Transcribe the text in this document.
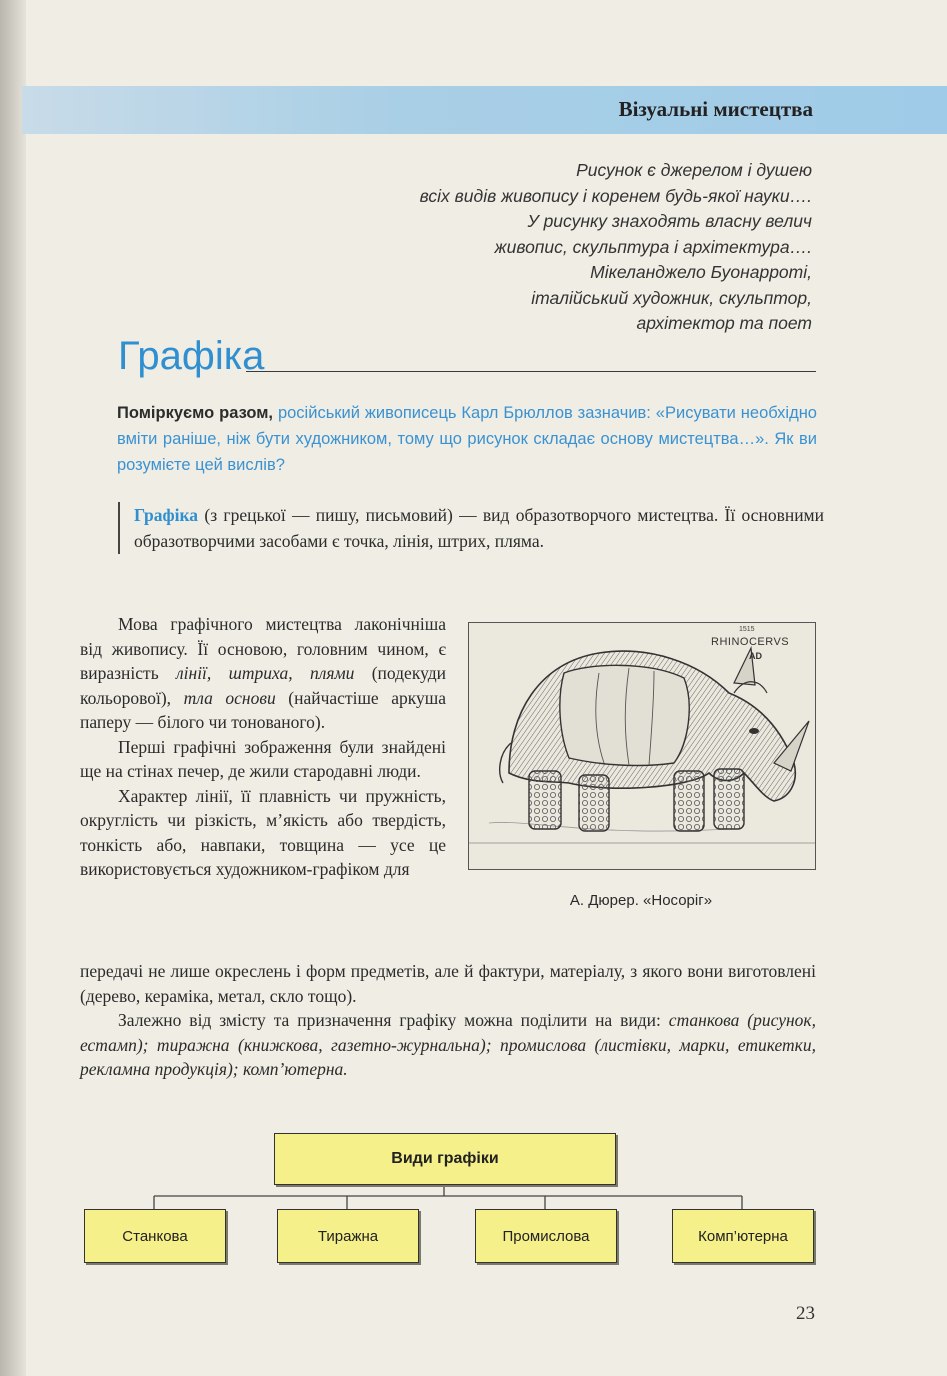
Візуальні мистецтва
Рисунок є джерелом і душею
всіх видів живопису і коренем будь-якої науки….
У рисунку знаходять власну велич
живопис, скульптура і архітектура….
Мікеланджело Буонарроті,
італійський художник, скульптор,
архітектор та поет
Графіка
Поміркуємо разом, російський живописець Карл Брюллов зазначив: «Рисувати необхідно вміти раніше, ніж бути художником, тому що рисунок складає основу мистецтва…». Як ви розумієте цей вислів?
Графіка (з грецької — пишу, письмовий) — вид образотворчого мистецтва. Її основними образотворчими засобами є точка, лінія, штрих, пляма.

Мова графічного мистецтва лаконічніша від живопису. Її основою, головним чином, є виразність лінії, штриха, плями (подекуди кольорової), тла основи (найчастіше аркуша паперу — білого чи тонованого).

Перші графічні зображення були знайдені ще на стінах печер, де жили стародавні люди.

Характер лінії, її плавність чи пружність, округлість чи різкість, м’якість або твердість, тонкість або, навпаки, товщина — усе це використовується художником-графіком для

1515
RHINOCERVS
AD
А. Дюрер. «Носоріг»

передачі не лише окреслень і форм предметів, але й фактури, матеріалу, з якого вони виготовлені (дерево, кераміка, метал, скло тощо).

Залежно від змісту та призначення графіку можна поділити на види: станкова (рисунок, естамп); тиражна (книжкова, газетно-журнальна); промислова (листівки, марки, етикетки, рекламна продукція); комп’ютерна.

Види графіки
Станкова	Тиражна	Промислова	Комп’ютерна
23
